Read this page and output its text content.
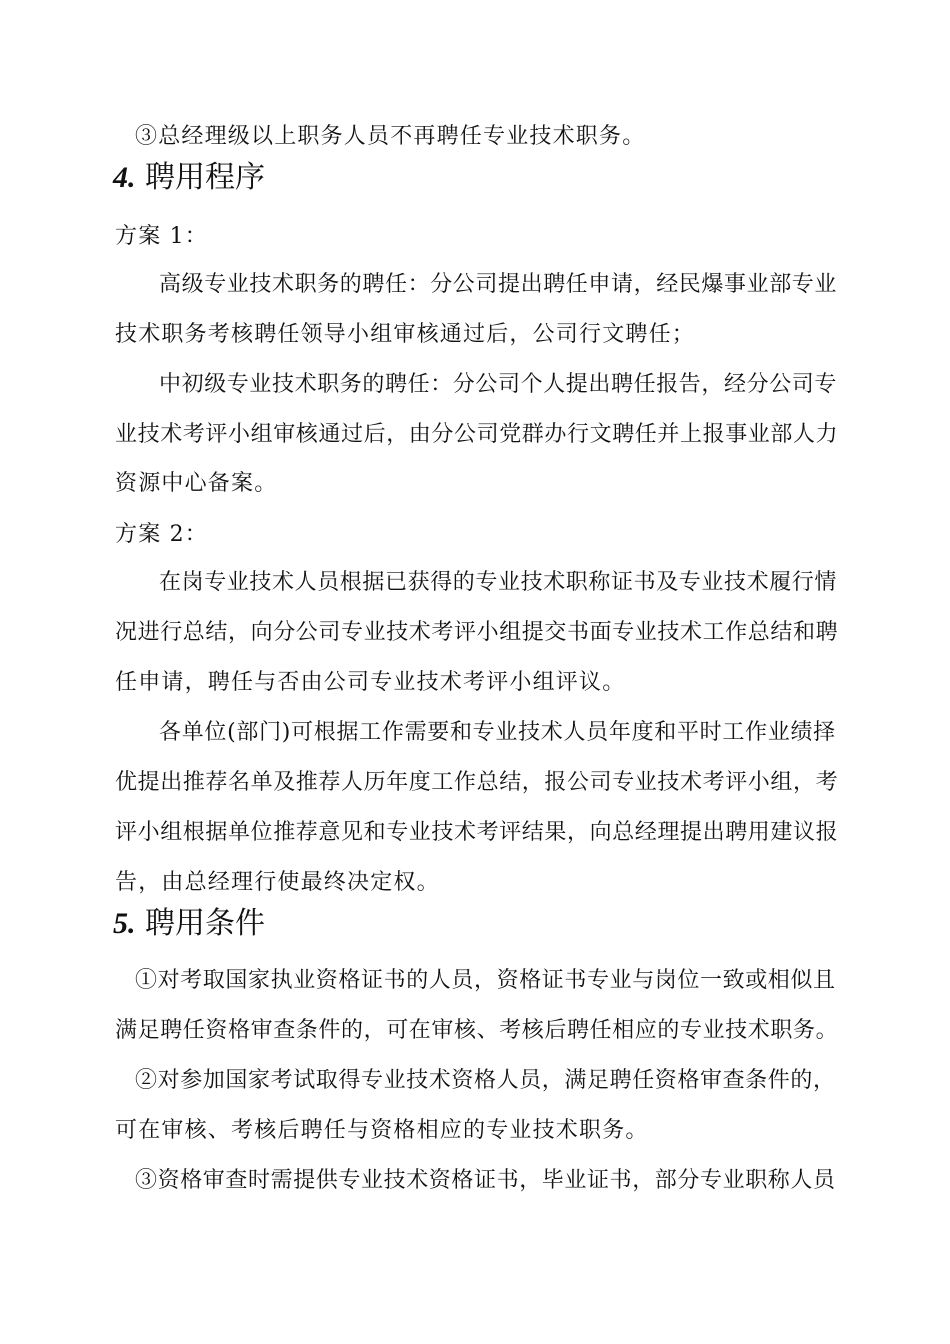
③总经理级以上职务人员不再聘任专业技术职务。
4. 聘用程序
方案 1：
高级专业技术职务的聘任：分公司提出聘任申请，经民爆事业部专业
技术职务考核聘任领导小组审核通过后，公司行文聘任；
中初级专业技术职务的聘任：分公司个人提出聘任报告，经分公司专
业技术考评小组审核通过后，由分公司党群办行文聘任并上报事业部人力
资源中心备案。
方案 2：
在岗专业技术人员根据已获得的专业技术职称证书及专业技术履行情
况进行总结，向分公司专业技术考评小组提交书面专业技术工作总结和聘
任申请，聘任与否由公司专业技术考评小组评议。
各单位(部门)可根据工作需要和专业技术人员年度和平时工作业绩择
优提出推荐名单及推荐人历年度工作总结，报公司专业技术考评小组，考
评小组根据单位推荐意见和专业技术考评结果，向总经理提出聘用建议报
告，由总经理行使最终决定权。
5. 聘用条件
①对考取国家执业资格证书的人员，资格证书专业与岗位一致或相似且
满足聘任资格审查条件的，可在审核、考核后聘任相应的专业技术职务。
②对参加国家考试取得专业技术资格人员，满足聘任资格审查条件的，
可在审核、考核后聘任与资格相应的专业技术职务。
③资格审查时需提供专业技术资格证书，毕业证书，部分专业职称人员
